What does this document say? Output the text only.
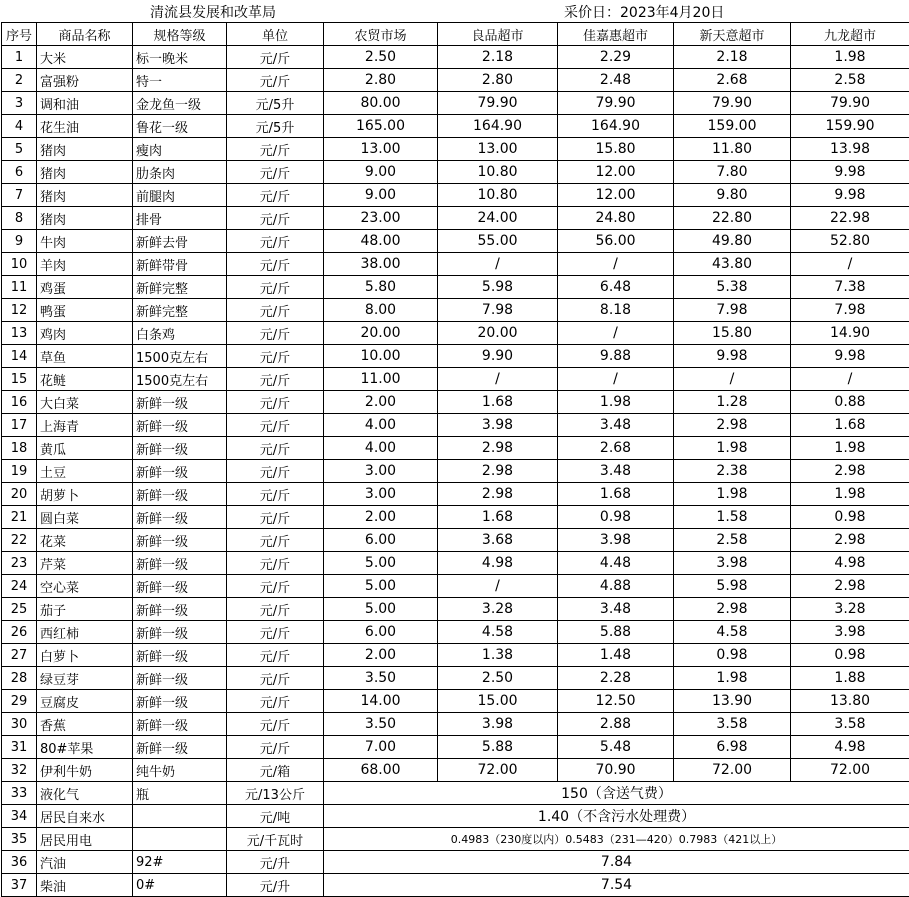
清流县发展和改革局	采价日：2023年4月20日
序号	商品名称	规格等级	单位	农贸市场	良品超市	佳嘉惠超市	新天意超市	九龙超市
1	大米	标一晚米	元/斤	2.50	2.18	2.29	2.18	1.98
2	富强粉	特一	元/斤	2.80	2.80	2.48	2.68	2.58
3	调和油	金龙鱼一级	元/5升	80.00	79.90	79.90	79.90	79.90
4	花生油	鲁花一级	元/5升	165.00	164.90	164.90	159.00	159.90
5	猪肉	瘦肉	元/斤	13.00	13.00	15.80	11.80	13.98
6	猪肉	肋条肉	元/斤	9.00	10.80	12.00	7.80	9.98
7	猪肉	前腿肉	元/斤	9.00	10.80	12.00	9.80	9.98
8	猪肉	排骨	元/斤	23.00	24.00	24.80	22.80	22.98
9	牛肉	新鲜去骨	元/斤	48.00	55.00	56.00	49.80	52.80
10	羊肉	新鲜带骨	元/斤	38.00	/	/	43.80	/
11	鸡蛋	新鲜完整	元/斤	5.80	5.98	6.48	5.38	7.38
12	鸭蛋	新鲜完整	元/斤	8.00	7.98	8.18	7.98	7.98
13	鸡肉	白条鸡	元/斤	20.00	20.00	/	15.80	14.90
14	草鱼	1500克左右	元/斤	10.00	9.90	9.88	9.98	9.98
15	花鲢	1500克左右	元/斤	11.00	/	/	/	/
16	大白菜	新鲜一级	元/斤	2.00	1.68	1.98	1.28	0.88
17	上海青	新鲜一级	元/斤	4.00	3.98	3.48	2.98	1.68
18	黄瓜	新鲜一级	元/斤	4.00	2.98	2.68	1.98	1.98
19	土豆	新鲜一级	元/斤	3.00	2.98	3.48	2.38	2.98
20	胡萝卜	新鲜一级	元/斤	3.00	2.98	1.68	1.98	1.98
21	圆白菜	新鲜一级	元/斤	2.00	1.68	0.98	1.58	0.98
22	花菜	新鲜一级	元/斤	6.00	3.68	3.98	2.58	2.98
23	芹菜	新鲜一级	元/斤	5.00	4.98	4.48	3.98	4.98
24	空心菜	新鲜一级	元/斤	5.00	/	4.88	5.98	2.98
25	茄子	新鲜一级	元/斤	5.00	3.28	3.48	2.98	3.28
26	西红柿	新鲜一级	元/斤	6.00	4.58	5.88	4.58	3.98
27	白萝卜	新鲜一级	元/斤	2.00	1.38	1.48	0.98	0.98
28	绿豆芽	新鲜一级	元/斤	3.50	2.50	2.28	1.98	1.88
29	豆腐皮	新鲜一级	元/斤	14.00	15.00	12.50	13.90	13.80
30	香蕉	新鲜一级	元/斤	3.50	3.98	2.88	3.58	3.58
31	80#苹果	新鲜一级	元/斤	7.00	5.88	5.48	6.98	4.98
32	伊利牛奶	纯牛奶	元/箱	68.00	72.00	70.90	72.00	72.00
33	液化气	瓶	元/13公斤	150（含送气费）				
34	居民自来水		元/吨	1.40（不含污水处理费）				
35	居民用电		元/千瓦时	0.4983（230度以内）0.5483（231—420）0.7983（421以上）				
36	汽油	92#	元/升	7.84				
37	柴油	0#	元/升	7.54				
